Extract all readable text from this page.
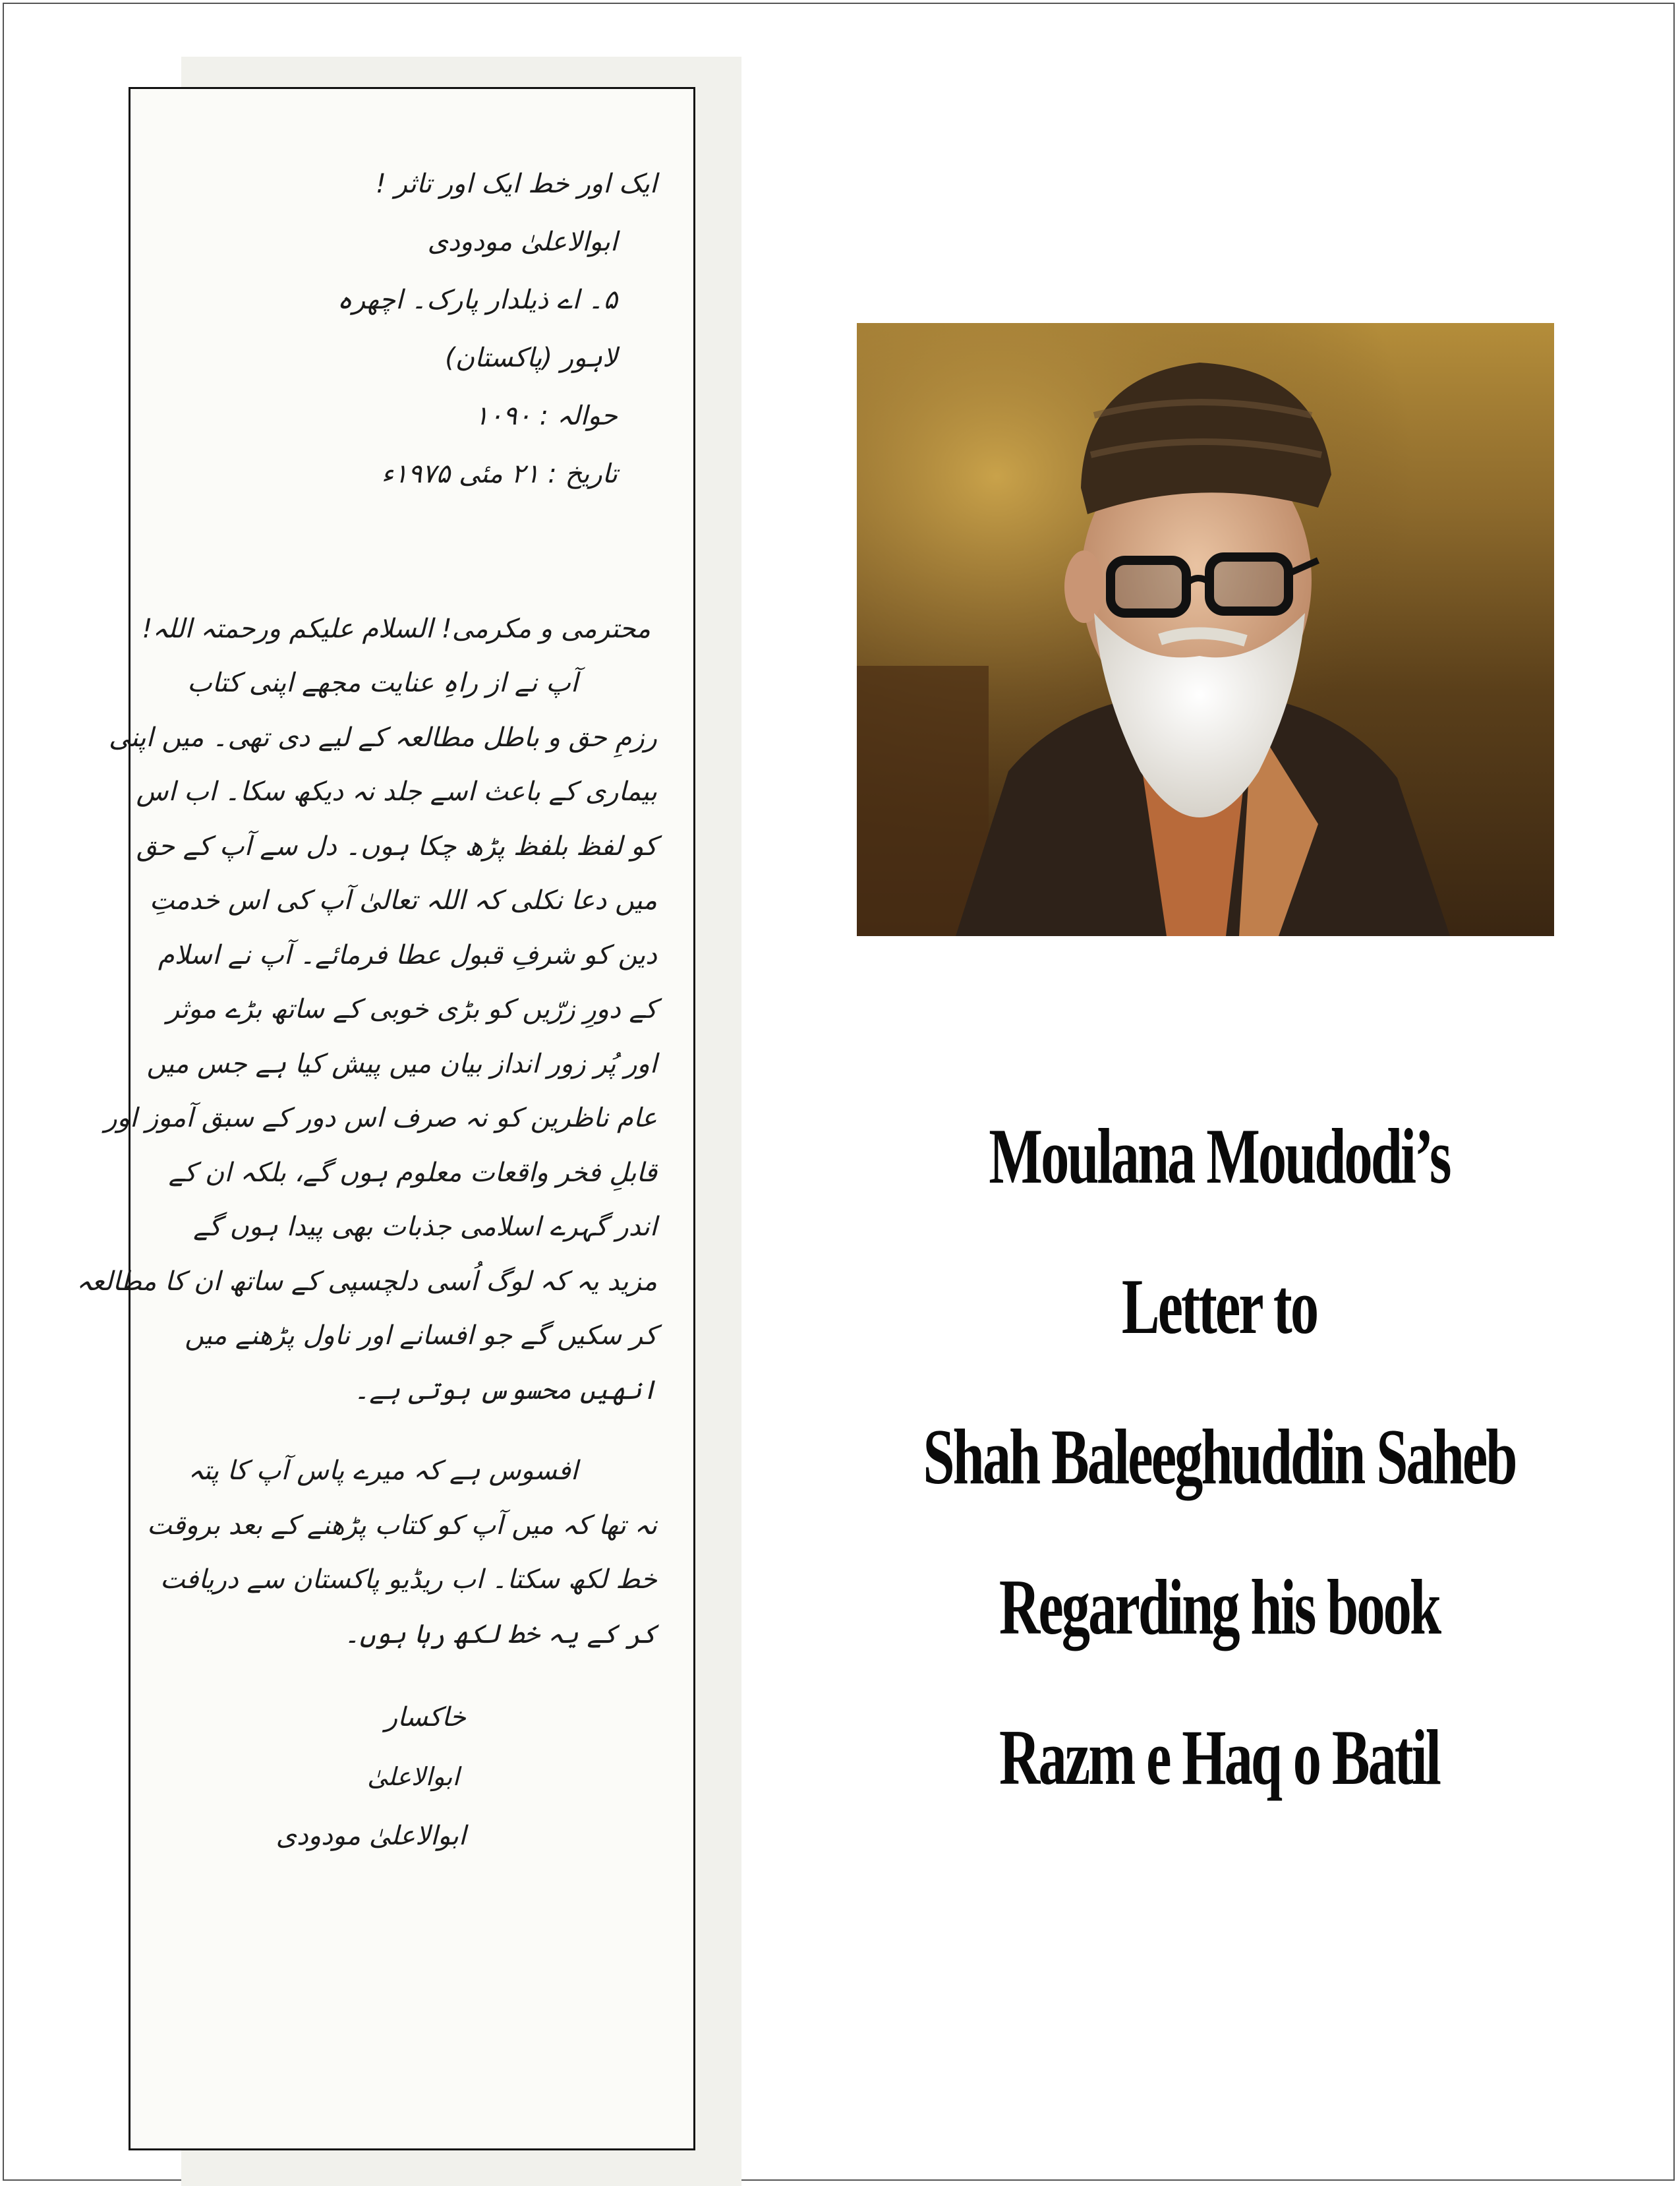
ایک اور خط ایک اور تاثر !
ابوالاعلیٰ مودودی
۵۔ اے ذیلدار پارک۔ اچھرہ
لاہور (پاکستان)
حوالہ : ۱۰۹۰
تاریخ : ۲۱ مئی ۱۹۷۵ء
محترمی و مکرمی! السلام علیکم ورحمتہ اللہ!
آپ نے از راہِ عنایت مجھے اپنی کتاب
رزمِ حق و باطل مطالعہ کے لیے دی تھی۔ میں اپنی
بیماری کے باعث اسے جلد نہ دیکھ سکا۔ اب اس
کو لفظ بلفظ پڑھ چکا ہوں۔ دل سے آپ کے حق
میں دعا نکلی کہ اللہ تعالیٰ آپ کی اس خدمتِ
دین کو شرفِ قبول عطا فرمائے۔ آپ نے اسلام
کے دورِ زرّیں کو بڑی خوبی کے ساتھ بڑے موثر
اور پُر زور انداز بیان میں پیش کیا ہے جس میں
عام ناظرین کو نہ صرف اس دور کے سبق آموز اور
قابلِ فخر واقعات معلوم ہوں گے، بلکہ ان کے
اندر گہرے اسلامی جذبات بھی پیدا ہوں گے
مزید یہ کہ لوگ اُسی دلچسپی کے ساتھ ان کا مطالعہ
کر سکیں گے جو افسانے اور ناول پڑھنے میں
انھیں محسوس ہوتی ہے۔
افسوس ہے کہ میرے پاس آپ کا پتہ
نہ تھا کہ میں آپ کو کتاب پڑھنے کے بعد بروقت
خط لکھ سکتا۔ اب ریڈیو پاکستان سے دریافت
کر کے یہ خط لکھ رہا ہوں۔
خاکسار
ابوالاعلیٰ
ابوالاعلیٰ مودودی
Moulana Moudodi’s
Letter to
Shah Baleeghuddin Saheb
Regarding his book
Razm e Haq o Batil
